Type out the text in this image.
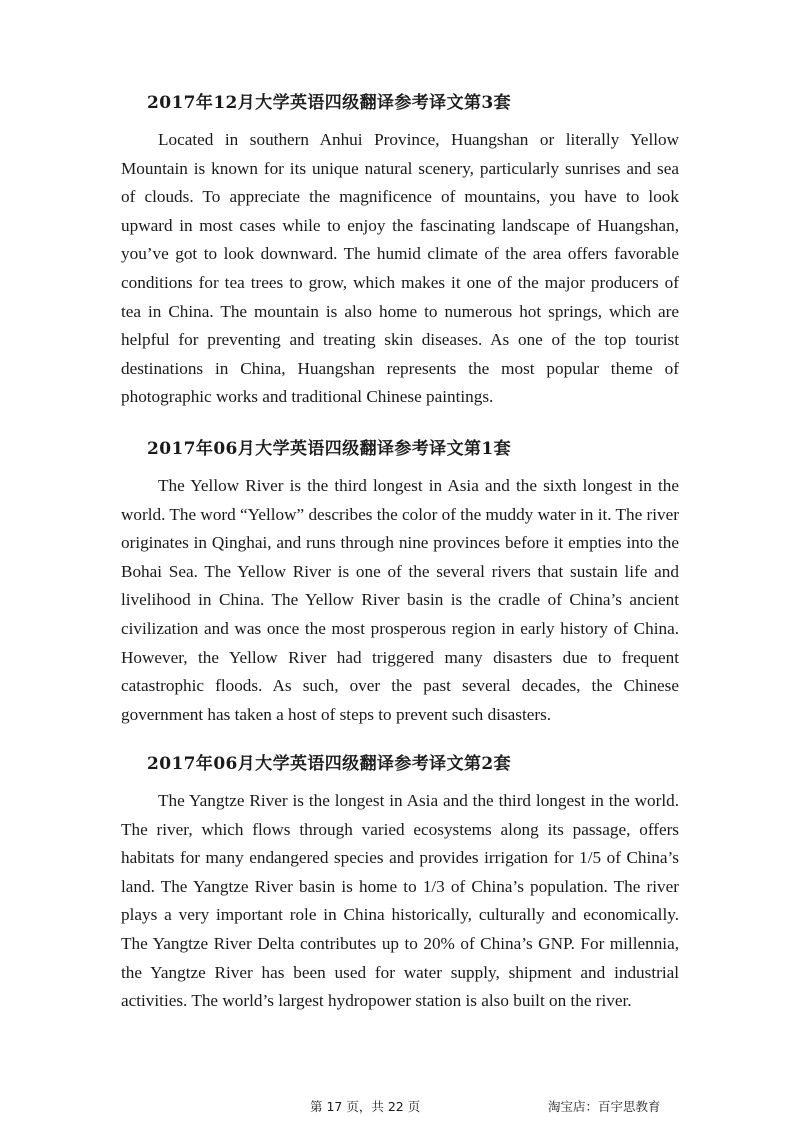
2017年12月大学英语四级翻译参考译文第3套

Located in southern Anhui Province, Huangshan or literally Yellow Mountain is known for its unique natural scenery, particularly sunrises and sea of clouds. To appreciate the magnificence of mountains, you have to look upward in most cases while to enjoy the fascinating landscape of Huangshan, you’ve got to look downward. The humid climate of the area offers favorable conditions for tea trees to grow, which makes it one of the major producers of tea in China. The mountain is also home to numerous hot springs, which are helpful for preventing and treating skin diseases. As one of the top tourist destinations in China, Huangshan represents the most popular theme of photographic works and traditional Chinese paintings.

2017年06月大学英语四级翻译参考译文第1套

The Yellow River is the third longest in Asia and the sixth longest in the world. The word “Yellow” describes the color of the muddy water in it. The river originates in Qinghai, and runs through nine provinces before it empties into the Bohai Sea. The Yellow River is one of the several rivers that sustain life and livelihood in China. The Yellow River basin is the cradle of China’s ancient civilization and was once the most prosperous region in early history of China. However, the Yellow River had triggered many disasters due to frequent catastrophic floods. As such, over the past several decades, the Chinese government has taken a host of steps to prevent such disasters.

2017年06月大学英语四级翻译参考译文第2套

The Yangtze River is the longest in Asia and the third longest in the world. The river, which flows through varied ecosystems along its passage, offers habitats for many endangered species and provides irrigation for 1/5 of China’s land. The Yangtze River basin is home to 1/3 of China’s population. The river plays a very important role in China historically, culturally and economically. The Yangtze River Delta contributes up to 20% of China’s GNP. For millennia, the Yangtze River has been used for water supply, shipment and industrial activities. The world’s largest hydropower station is also built on the river.

第 17 页，共 22 页	淘宝店：百宇思教育
